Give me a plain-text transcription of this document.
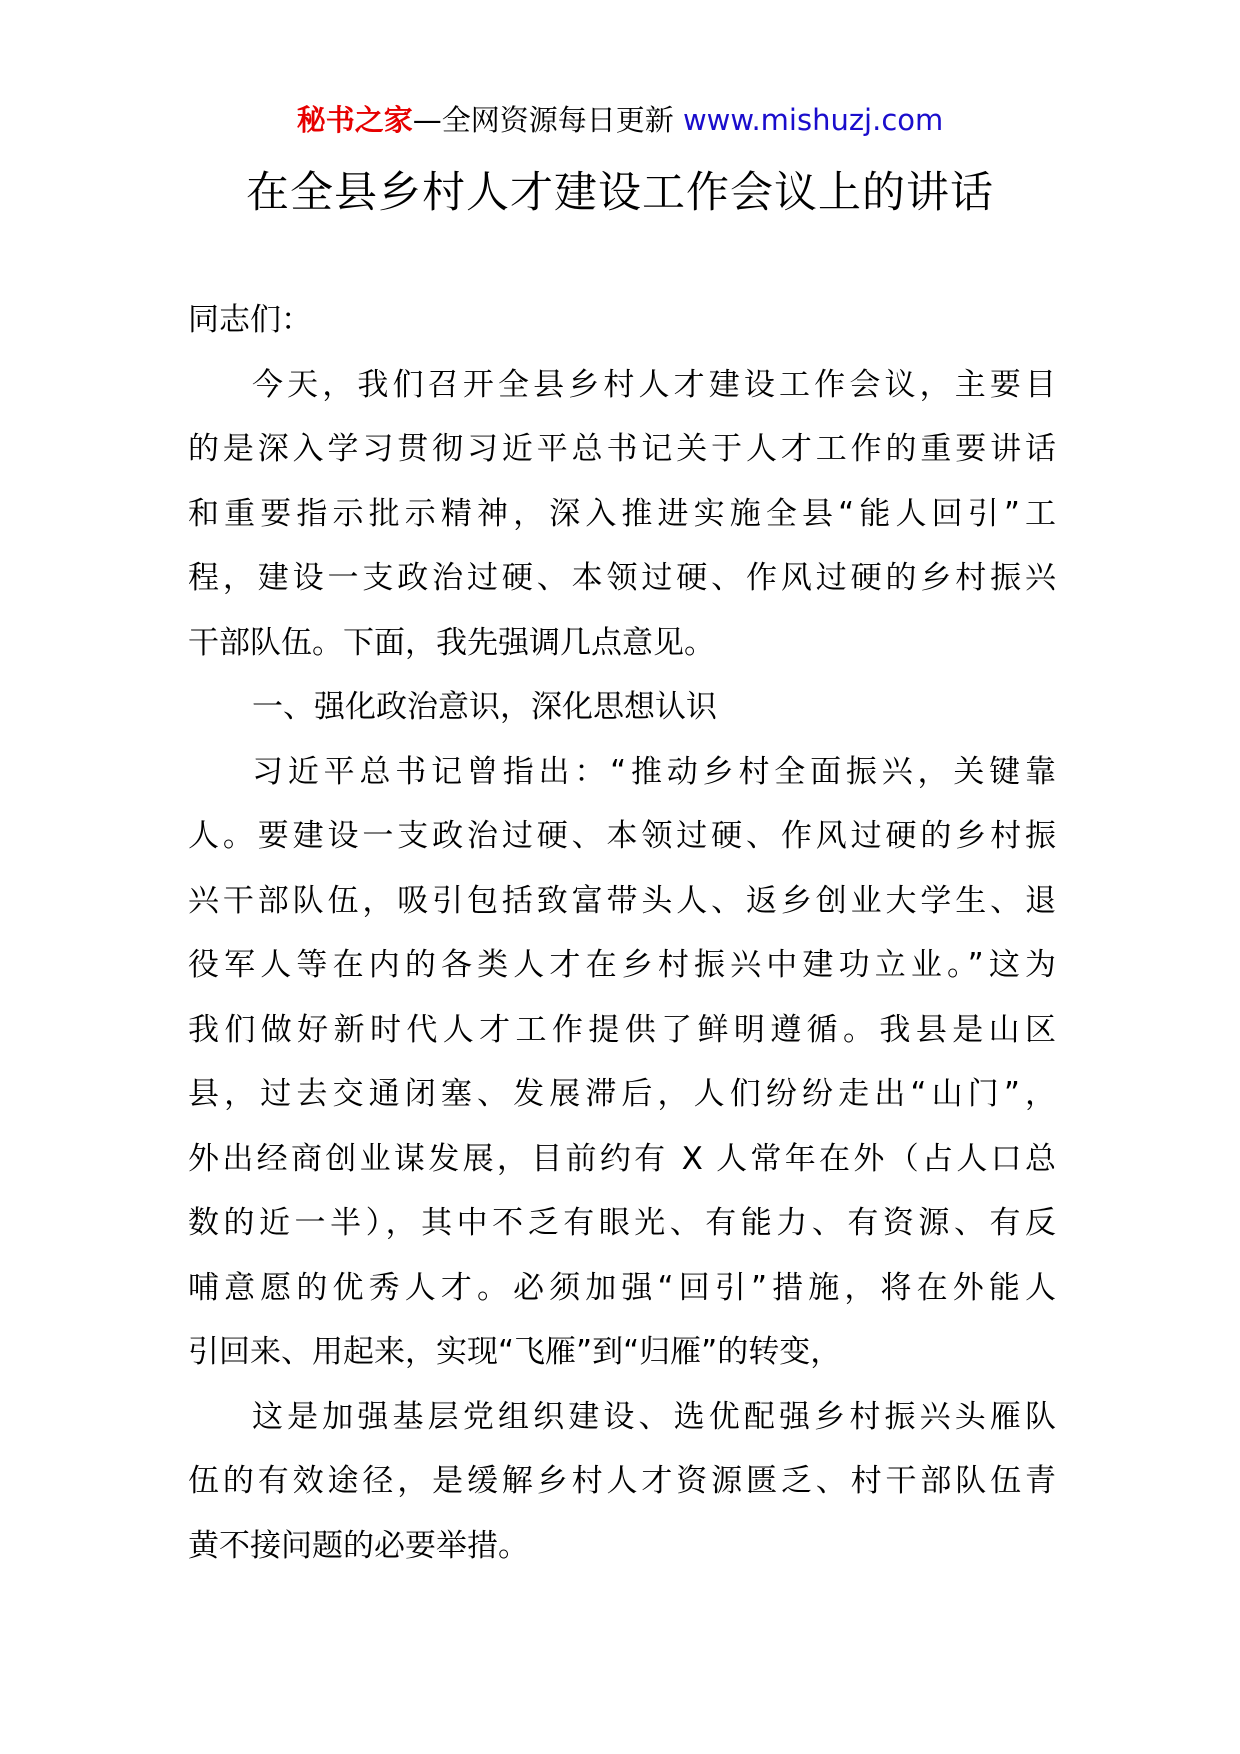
秘书之家—全网资源每日更新 www.mishuzj.com
在全县乡村人才建设工作会议上的讲话
同志们：
今天，我们召开全县乡村人才建设工作会议，主要目
的是深入学习贯彻习近平总书记关于人才工作的重要讲话
和重要指示批示精神，深入推进实施全县“能人回引”工
程，建设一支政治过硬、本领过硬、作风过硬的乡村振兴
干部队伍。下面，我先强调几点意见。
一、强化政治意识，深化思想认识
习近平总书记曾指出：“推动乡村全面振兴，关键靠
人。要建设一支政治过硬、本领过硬、作风过硬的乡村振
兴干部队伍，吸引包括致富带头人、返乡创业大学生、退
役军人等在内的各类人才在乡村振兴中建功立业。”这为
我们做好新时代人才工作提供了鲜明遵循。我县是山区
县，过去交通闭塞、发展滞后，人们纷纷走出“山门”，
外出经商创业谋发展，目前约有 X 人常年在外（占人口总
数的近一半），其中不乏有眼光、有能力、有资源、有反
哺意愿的优秀人才。必须加强“回引”措施，将在外能人
引回来、用起来，实现“飞雁”到“归雁”的转变，
这是加强基层党组织建设、选优配强乡村振兴头雁队
伍的有效途径，是缓解乡村人才资源匮乏、村干部队伍青
黄不接问题的必要举措。
